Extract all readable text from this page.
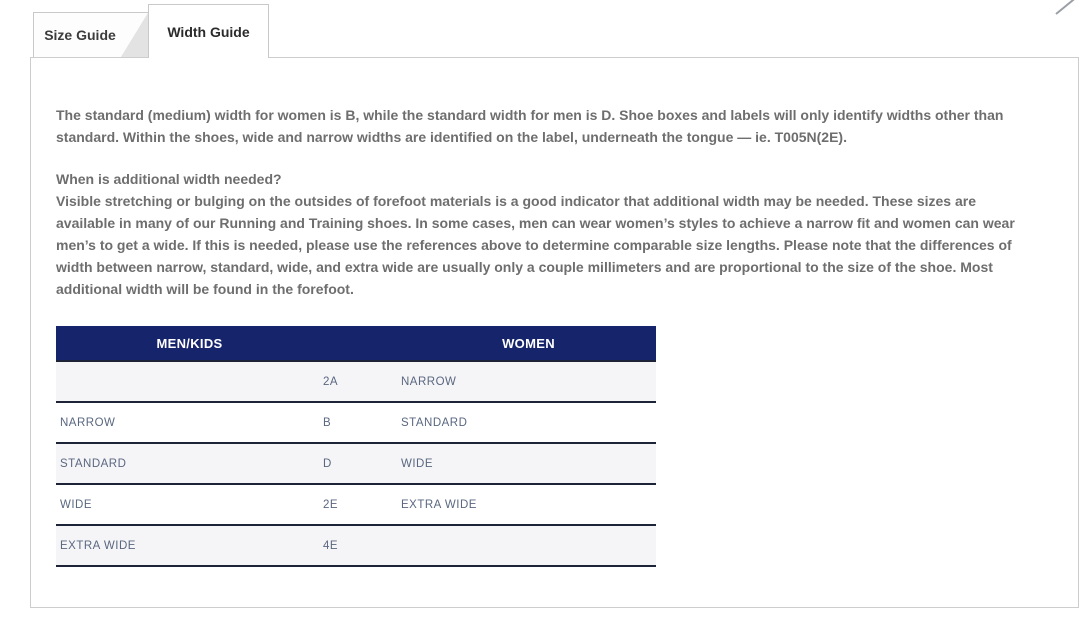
Size Guide	Width Guide

The standard (medium) width for women is B, while the standard width for men is D. Shoe boxes and labels will only identify widths other than standard. Within the shoes, wide and narrow widths are identified on the label, underneath the tongue — ie. T005N(2E).

When is additional width needed?
Visible stretching or bulging on the outsides of forefoot materials is a good indicator that additional width may be needed. These sizes are available in many of our Running and Training shoes. In some cases, men can wear women’s styles to achieve a narrow fit and women can wear men’s to get a wide. If this is needed, please use the references above to determine comparable size lengths. Please note that the differences of width between narrow, standard, wide, and extra wide are usually only a couple millimeters and are proportional to the size of the shoe. Most additional width will be found in the forefoot.

MEN/KIDS		WOMEN
	2A	NARROW
NARROW	B	STANDARD
STANDARD	D	WIDE
WIDE	2E	EXTRA WIDE
EXTRA WIDE	4E	
